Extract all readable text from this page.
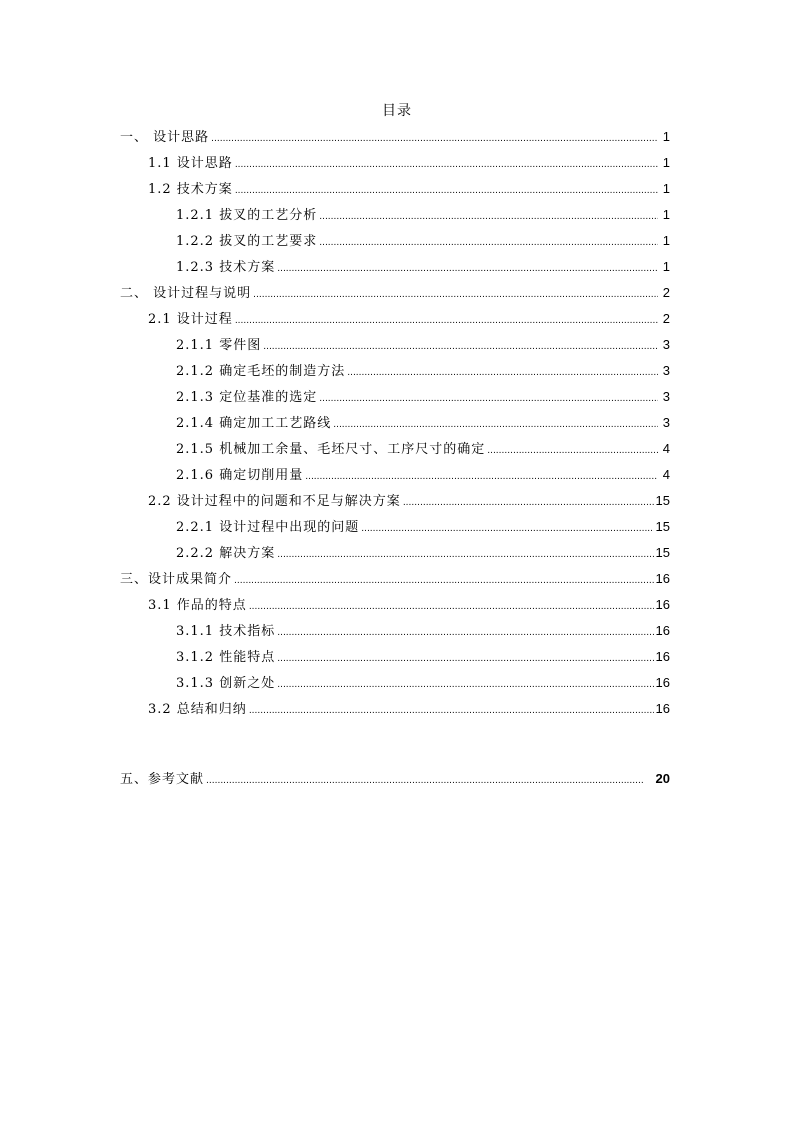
目录
一、 设计思路 .....	1
1.1 设计思路 .....	1
1.2 技术方案 .....	1
1.2.1 拔叉的工艺分析 .....	1
1.2.2 拔叉的工艺要求 .....	1
1.2.3 技术方案 .....	1
二、 设计过程与说明 .....	2
2.1 设计过程 .....	2
2.1.1 零件图 .....	3
2.1.2 确定毛坯的制造方法 .....	3
2.1.3 定位基准的选定 .....	3
2.1.4 确定加工工艺路线 .....	3
2.1.5 机械加工余量、毛坯尺寸、工序尺寸的确定 .....	4
2.1.6 确定切削用量 .....	4
2.2 设计过程中的问题和不足与解决方案 .....	15
2.2.1 设计过程中出现的问题 .....	15
2.2.2 解决方案 .....	15
三、设计成果简介 .....	16
3.1 作品的特点 .....	16
3.1.1 技术指标 .....	16
3.1.2 性能特点 .....	16
3.1.3 创新之处 .....	16
3.2 总结和归纳 .....	16
五、参考文献 .....	20
